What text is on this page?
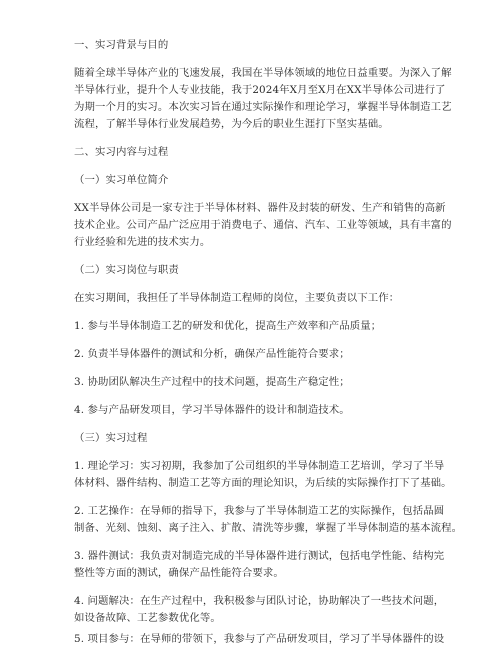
一、实习背景与目的
随着全球半导体产业的飞速发展，我国在半导体领域的地位日益重要。为深入了解
半导体行业，提升个人专业技能，我于2024年X月至X月在XX半导体公司进行了
为期一个月的实习。本次实习旨在通过实际操作和理论学习，掌握半导体制造工艺
流程，了解半导体行业发展趋势，为今后的职业生涯打下坚实基础。
二、实习内容与过程
（一）实习单位简介
XX半导体公司是一家专注于半导体材料、器件及封装的研发、生产和销售的高新
技术企业。公司产品广泛应用于消费电子、通信、汽车、工业等领域，具有丰富的
行业经验和先进的技术实力。
（二）实习岗位与职责
在实习期间，我担任了半导体制造工程师的岗位，主要负责以下工作：
1. 参与半导体制造工艺的研发和优化，提高生产效率和产品质量；
2. 负责半导体器件的测试和分析，确保产品性能符合要求；
3. 协助团队解决生产过程中的技术问题，提高生产稳定性；
4. 参与产品研发项目，学习半导体器件的设计和制造技术。
（三）实习过程
1. 理论学习：实习初期，我参加了公司组织的半导体制造工艺培训，学习了半导
体材料、器件结构、制造工艺等方面的理论知识，为后续的实际操作打下了基础。
2. 工艺操作：在导师的指导下，我参与了半导体制造工艺的实际操作，包括晶圆
制备、光刻、蚀刻、离子注入、扩散、清洗等步骤，掌握了半导体制造的基本流程。
3. 器件测试：我负责对制造完成的半导体器件进行测试，包括电学性能、结构完
整性等方面的测试，确保产品性能符合要求。
4. 问题解决：在生产过程中，我积极参与团队讨论，协助解决了一些技术问题，
如设备故障、工艺参数优化等。
5. 项目参与：在导师的带领下，我参与了产品研发项目，学习了半导体器件的设
